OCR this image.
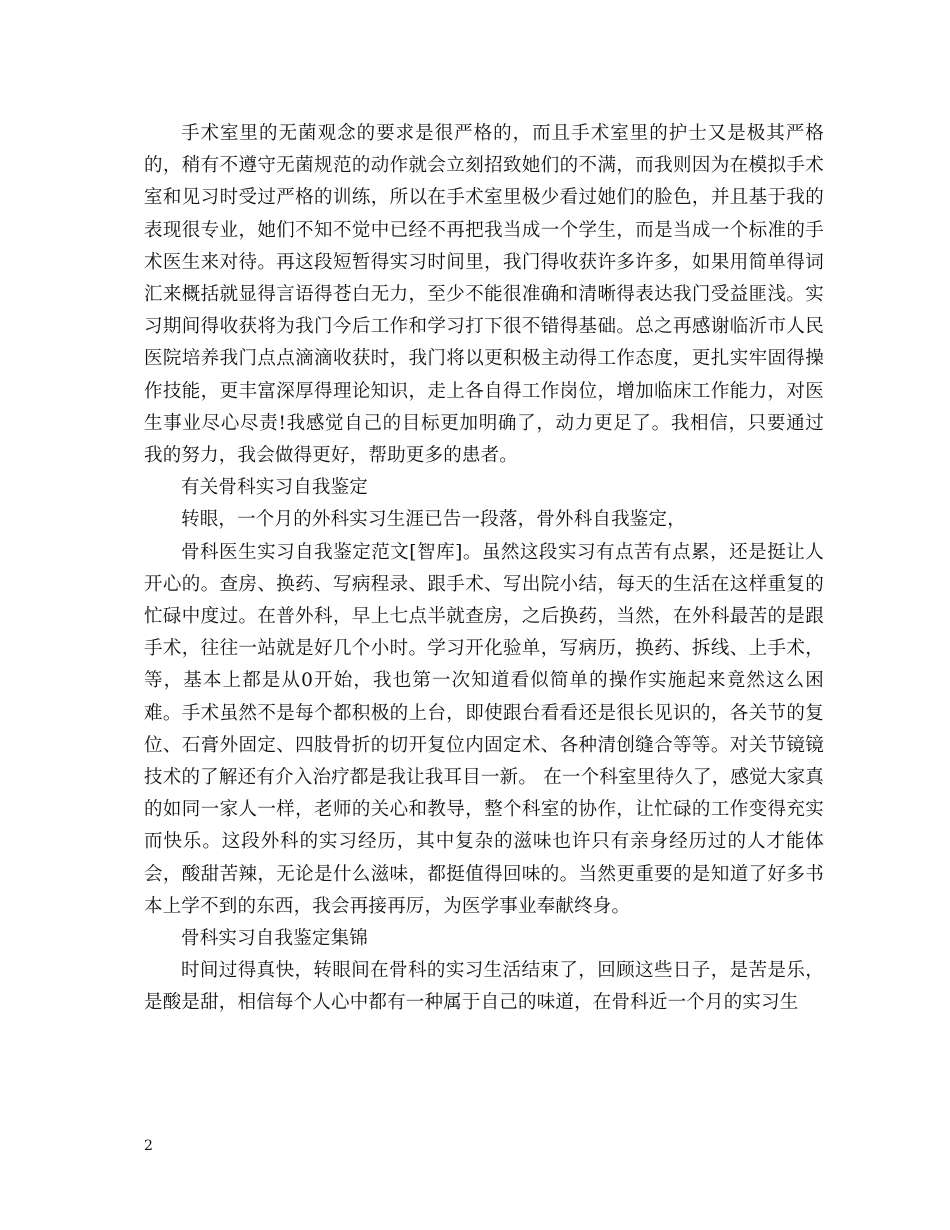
手术室里的无菌观念的要求是很严格的，而且手术室里的护士又是极其严格的，稍有不遵守无菌规范的动作就会立刻招致她们的不满，而我则因为在模拟手术室和见习时受过严格的训练，所以在手术室里极少看过她们的脸色，并且基于我的表现很专业，她们不知不觉中已经不再把我当成一个学生，而是当成一个标准的手术医生来对待。再这段短暂得实习时间里，我门得收获许多许多，如果用简单得词汇来概括就显得言语得苍白无力，至少不能很准确和清晰得表达我门受益匪浅。实习期间得收获将为我门今后工作和学习打下很不错得基础。总之再感谢临沂市人民医院培养我门点点滴滴收获时，我门将以更积极主动得工作态度，更扎实牢固得操作技能，更丰富深厚得理论知识，走上各自得工作岗位，增加临床工作能力，对医生事业尽心尽责!我感觉自己的目标更加明确了，动力更足了。我相信，只要通过我的努力，我会做得更好，帮助更多的患者。

有关骨科实习自我鉴定

转眼，一个月的外科实习生涯已告一段落，骨外科自我鉴定，

骨科医生实习自我鉴定范文[智库]。虽然这段实习有点苦有点累，还是挺让人开心的。查房、换药、写病程录、跟手术、写出院小结，每天的生活在这样重复的忙碌中度过。在普外科，早上七点半就查房，之后换药，当然，在外科最苦的是跟手术，往往一站就是好几个小时。学习开化验单，写病历，换药、拆线、上手术，等，基本上都是从0开始，我也第一次知道看似简单的操作实施起来竟然这么困难。手术虽然不是每个都积极的上台，即使跟台看看还是很长见识的，各关节的复位、石膏外固定、四肢骨折的切开复位内固定术、各种清创缝合等等。对关节镜镜技术的了解还有介入治疗都是我让我耳目一新。 在一个科室里待久了，感觉大家真的如同一家人一样，老师的关心和教导，整个科室的协作，让忙碌的工作变得充实而快乐。这段外科的实习经历，其中复杂的滋味也许只有亲身经历过的人才能体会，酸甜苦辣，无论是什么滋味，都挺值得回味的。当然更重要的是知道了好多书本上学不到的东西，我会再接再厉，为医学事业奉献终身。

骨科实习自我鉴定集锦

时间过得真快，转眼间在骨科的实习生活结束了，回顾这些日子，是苦是乐，是酸是甜，相信每个人心中都有一种属于自己的味道，在骨科近一个月的实习生

2
